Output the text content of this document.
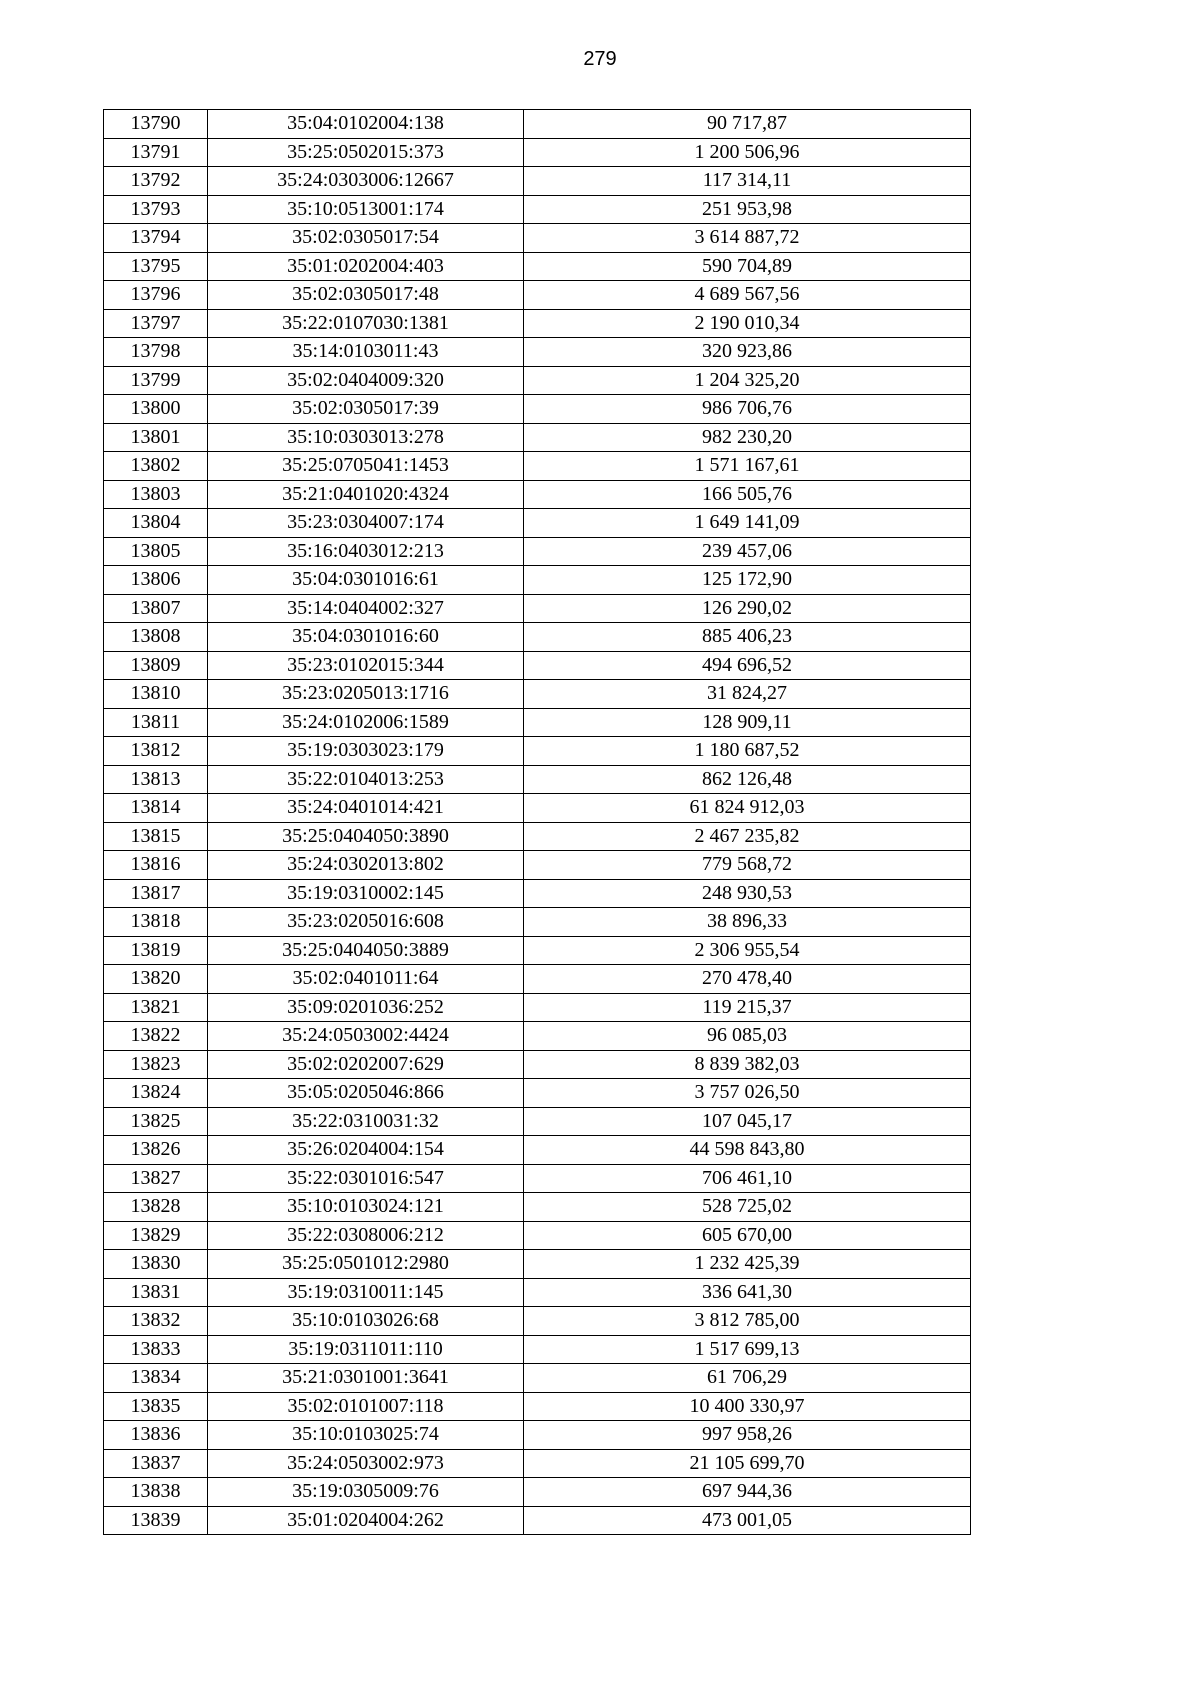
279
13790	35:04:0102004:138	90 717,87
13791	35:25:0502015:373	1 200 506,96
13792	35:24:0303006:12667	117 314,11
13793	35:10:0513001:174	251 953,98
13794	35:02:0305017:54	3 614 887,72
13795	35:01:0202004:403	590 704,89
13796	35:02:0305017:48	4 689 567,56
13797	35:22:0107030:1381	2 190 010,34
13798	35:14:0103011:43	320 923,86
13799	35:02:0404009:320	1 204 325,20
13800	35:02:0305017:39	986 706,76
13801	35:10:0303013:278	982 230,20
13802	35:25:0705041:1453	1 571 167,61
13803	35:21:0401020:4324	166 505,76
13804	35:23:0304007:174	1 649 141,09
13805	35:16:0403012:213	239 457,06
13806	35:04:0301016:61	125 172,90
13807	35:14:0404002:327	126 290,02
13808	35:04:0301016:60	885 406,23
13809	35:23:0102015:344	494 696,52
13810	35:23:0205013:1716	31 824,27
13811	35:24:0102006:1589	128 909,11
13812	35:19:0303023:179	1 180 687,52
13813	35:22:0104013:253	862 126,48
13814	35:24:0401014:421	61 824 912,03
13815	35:25:0404050:3890	2 467 235,82
13816	35:24:0302013:802	779 568,72
13817	35:19:0310002:145	248 930,53
13818	35:23:0205016:608	38 896,33
13819	35:25:0404050:3889	2 306 955,54
13820	35:02:0401011:64	270 478,40
13821	35:09:0201036:252	119 215,37
13822	35:24:0503002:4424	96 085,03
13823	35:02:0202007:629	8 839 382,03
13824	35:05:0205046:866	3 757 026,50
13825	35:22:0310031:32	107 045,17
13826	35:26:0204004:154	44 598 843,80
13827	35:22:0301016:547	706 461,10
13828	35:10:0103024:121	528 725,02
13829	35:22:0308006:212	605 670,00
13830	35:25:0501012:2980	1 232 425,39
13831	35:19:0310011:145	336 641,30
13832	35:10:0103026:68	3 812 785,00
13833	35:19:0311011:110	1 517 699,13
13834	35:21:0301001:3641	61 706,29
13835	35:02:0101007:118	10 400 330,97
13836	35:10:0103025:74	997 958,26
13837	35:24:0503002:973	21 105 699,70
13838	35:19:0305009:76	697 944,36
13839	35:01:0204004:262	473 001,05
